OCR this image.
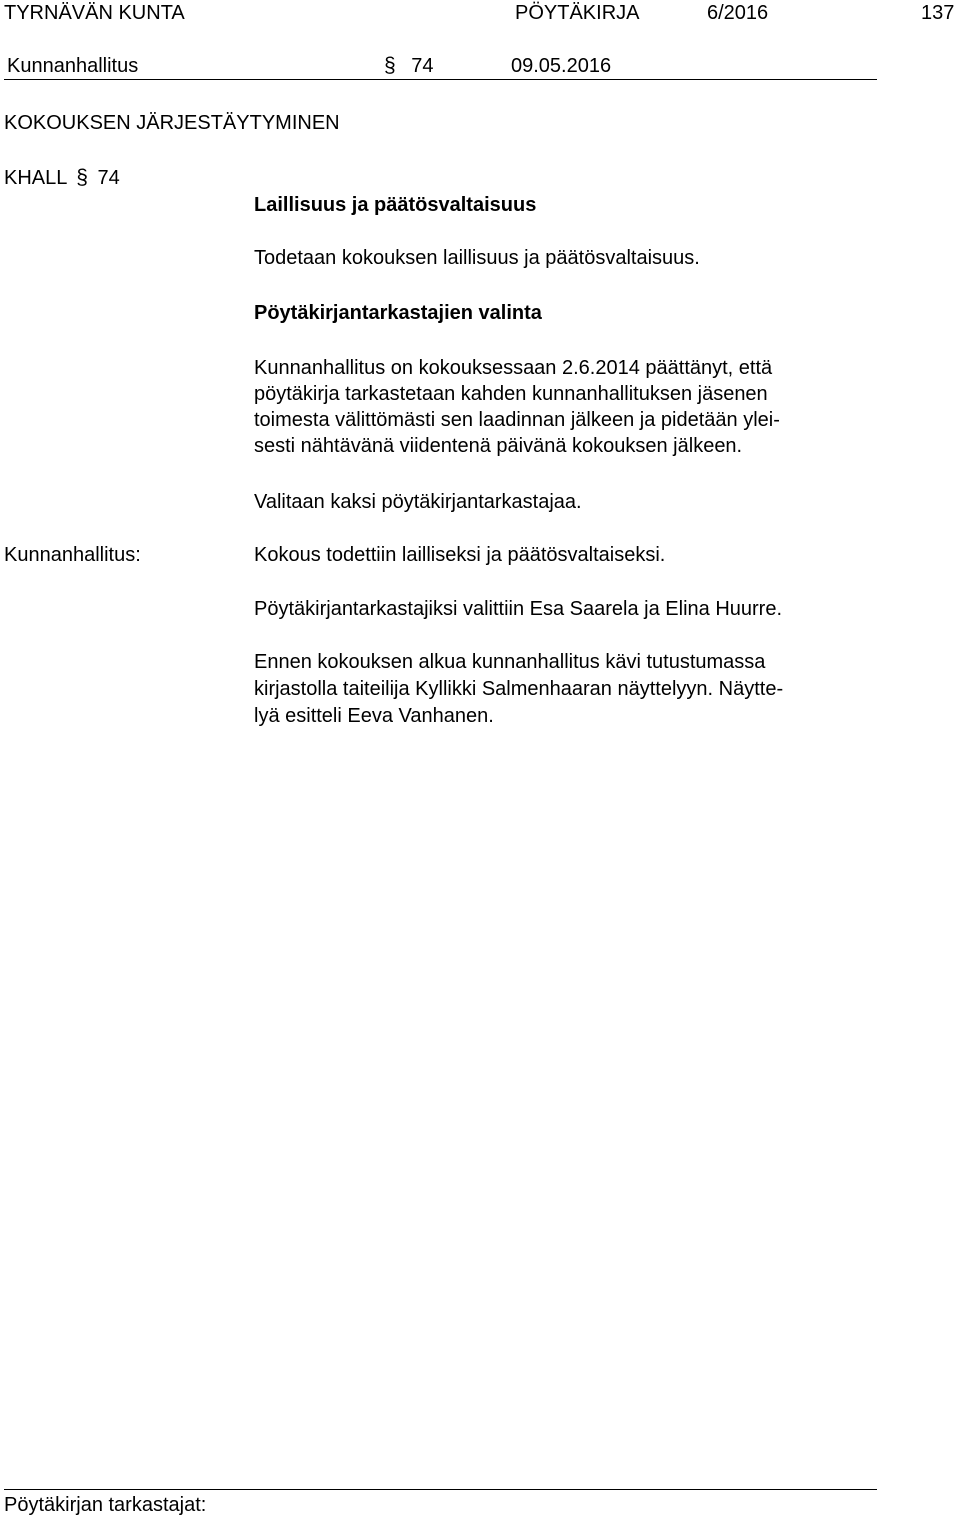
TYRNÄVÄN KUNTA	PÖYTÄKIRJA	6/2016	137
Kunnanhallitus	§ 74	09.05.2016
KOKOUKSEN JÄRJESTÄYTYMINEN
KHALL § 74
Laillisuus ja päätösvaltaisuus
Todetaan kokouksen laillisuus ja päätösvaltaisuus.
Pöytäkirjantarkastajien valinta
Kunnanhallitus on kokouksessaan 2.6.2014 päättänyt, että
pöytäkirja tarkastetaan kahden kunnanhallituksen jäsenen
toimesta välittömästi sen laadinnan jälkeen ja pidetään ylei-
sesti nähtävänä viidentenä päivänä kokouksen jälkeen.
Valitaan kaksi pöytäkirjantarkastajaa.
Kunnanhallitus:	Kokous todettiin lailliseksi ja päätösvaltaiseksi.
Pöytäkirjantarkastajiksi valittiin Esa Saarela ja Elina Huurre.
Ennen kokouksen alkua kunnanhallitus kävi tutustumassa
kirjastolla taiteilija Kyllikki Salmenhaaran näyttelyyn. Näytte-
lyä esitteli Eeva Vanhanen.
Pöytäkirjan tarkastajat:
